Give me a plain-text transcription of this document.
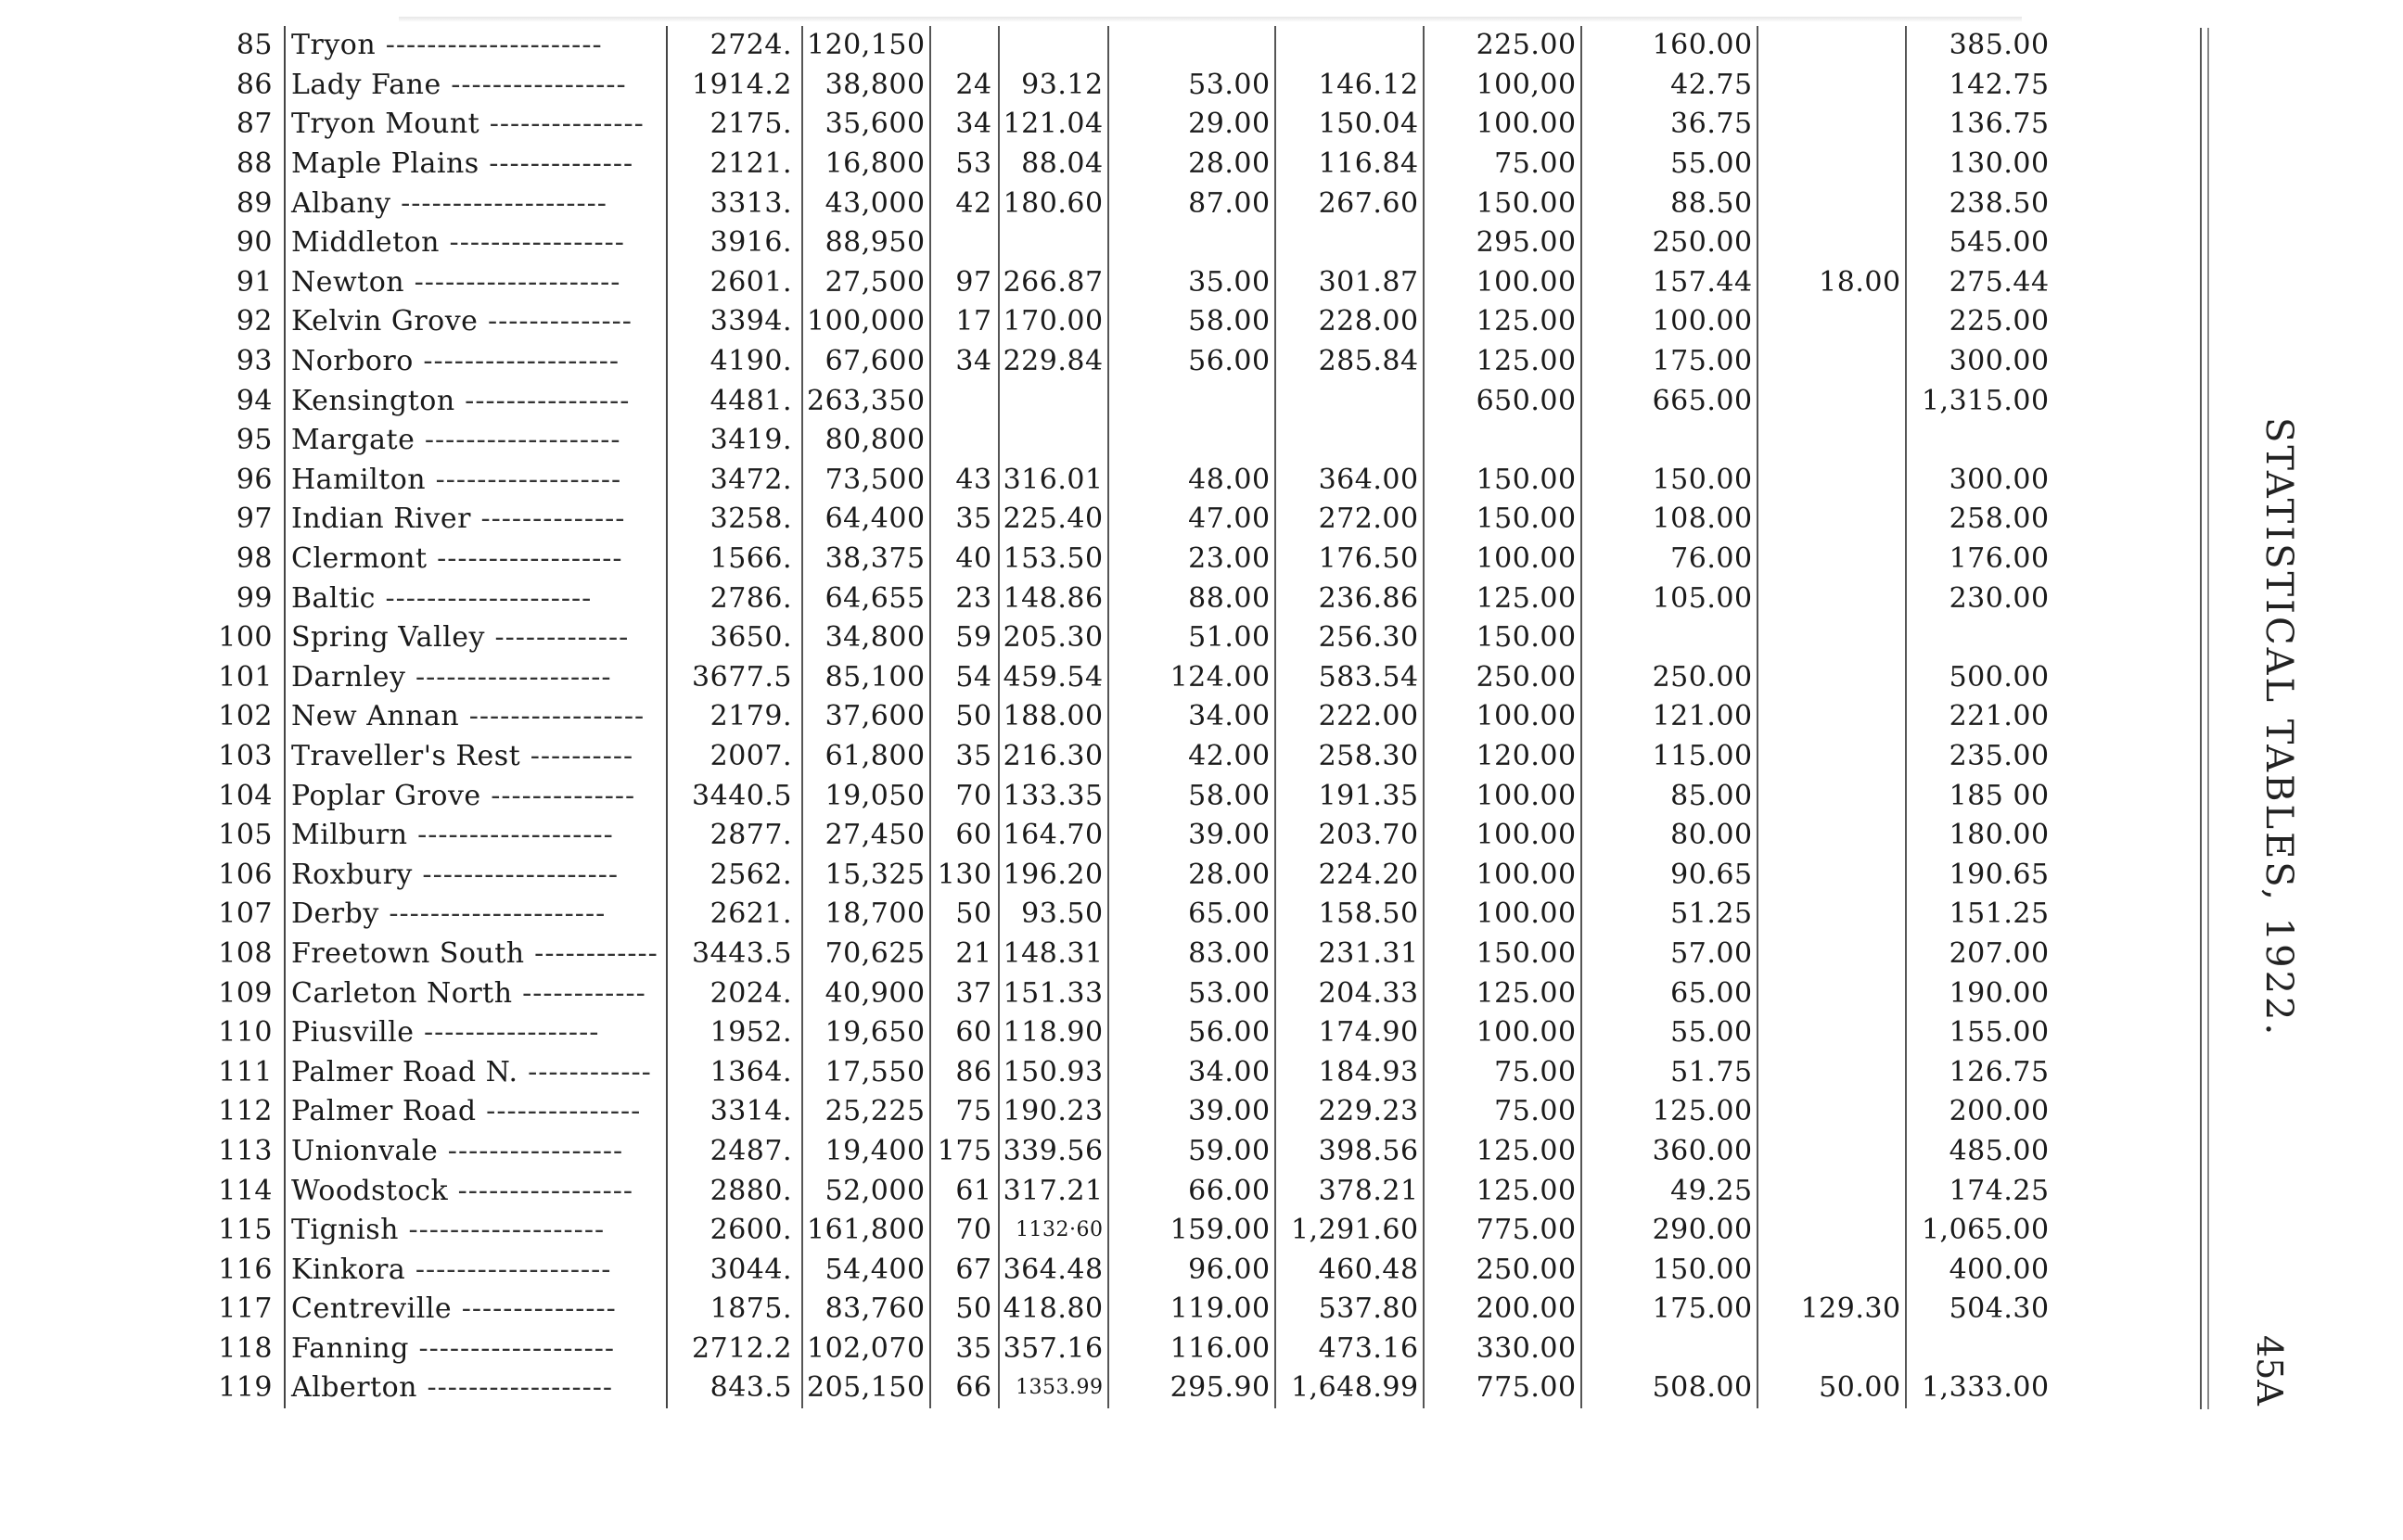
85	Tryon ---------------------	2724.	120,150					225.00	160.00		385.00
86	Lady Fane -----------------	1914.2	38,800	24	93.12	53.00	146.12	100,00	42.75		142.75
87	Tryon Mount ---------------	2175.	35,600	34	121.04	29.00	150.04	100.00	36.75		136.75
88	Maple Plains --------------	2121.	16,800	53	88.04	28.00	116.84	75.00	55.00		130.00
89	Albany --------------------	3313.	43,000	42	180.60	87.00	267.60	150.00	88.50		238.50
90	Middleton -----------------	3916.	88,950					295.00	250.00		545.00
91	Newton --------------------	2601.	27,500	97	266.87	35.00	301.87	100.00	157.44	18.00	275.44
92	Kelvin Grove --------------	3394.	100,000	17	170.00	58.00	228.00	125.00	100.00		225.00
93	Norboro -------------------	4190.	67,600	34	229.84	56.00	285.84	125.00	175.00		300.00
94	Kensington ----------------	4481.	263,350					650.00	665.00		1,315.00
95	Margate -------------------	3419.	80,800								
96	Hamilton ------------------	3472.	73,500	43	316.01	48.00	364.00	150.00	150.00		300.00
97	Indian River --------------	3258.	64,400	35	225.40	47.00	272.00	150.00	108.00		258.00
98	Clermont ------------------	1566.	38,375	40	153.50	23.00	176.50	100.00	76.00		176.00
99	Baltic --------------------	2786.	64,655	23	148.86	88.00	236.86	125.00	105.00		230.00
100	Spring Valley -------------	3650.	34,800	59	205.30	51.00	256.30	150.00			
101	Darnley -------------------	3677.5	85,100	54	459.54	124.00	583.54	250.00	250.00		500.00
102	New Annan -----------------	2179.	37,600	50	188.00	34.00	222.00	100.00	121.00		221.00
103	Traveller's Rest ----------	2007.	61,800	35	216.30	42.00	258.30	120.00	115.00		235.00
104	Poplar Grove --------------	3440.5	19,050	70	133.35	58.00	191.35	100.00	85.00		185 00
105	Milburn -------------------	2877.	27,450	60	164.70	39.00	203.70	100.00	80.00		180.00
106	Roxbury -------------------	2562.	15,325	130	196.20	28.00	224.20	100.00	90.65		190.65
107	Derby ---------------------	2621.	18,700	50	93.50	65.00	158.50	100.00	51.25		151.25
108	Freetown South ------------	3443.5	70,625	21	148.31	83.00	231.31	150.00	57.00		207.00
109	Carleton North ------------	2024.	40,900	37	151.33	53.00	204.33	125.00	65.00		190.00
110	Piusville -----------------	1952.	19,650	60	118.90	56.00	174.90	100.00	55.00		155.00
111	Palmer Road N. ------------	1364.	17,550	86	150.93	34.00	184.93	75.00	51.75		126.75
112	Palmer Road ---------------	3314.	25,225	75	190.23	39.00	229.23	75.00	125.00		200.00
113	Unionvale -----------------	2487.	19,400	175	339.56	59.00	398.56	125.00	360.00		485.00
114	Woodstock -----------------	2880.	52,000	61	317.21	66.00	378.21	125.00	49.25		174.25
115	Tignish -------------------	2600.	161,800	70	1132·60	159.00	1,291.60	775.00	290.00		1,065.00
116	Kinkora -------------------	3044.	54,400	67	364.48	96.00	460.48	250.00	150.00		400.00
117	Centreville ---------------	1875.	83,760	50	418.80	119.00	537.80	200.00	175.00	129.30	504.30
118	Fanning -------------------	2712.2	102,070	35	357.16	116.00	473.16	330.00			
119	Alberton ------------------	843.5	205,150	66	1353.99	295.90	1,648.99	775.00	508.00	50.00	1,333.00
STATISTICAL TABLES, 1922.
45A
